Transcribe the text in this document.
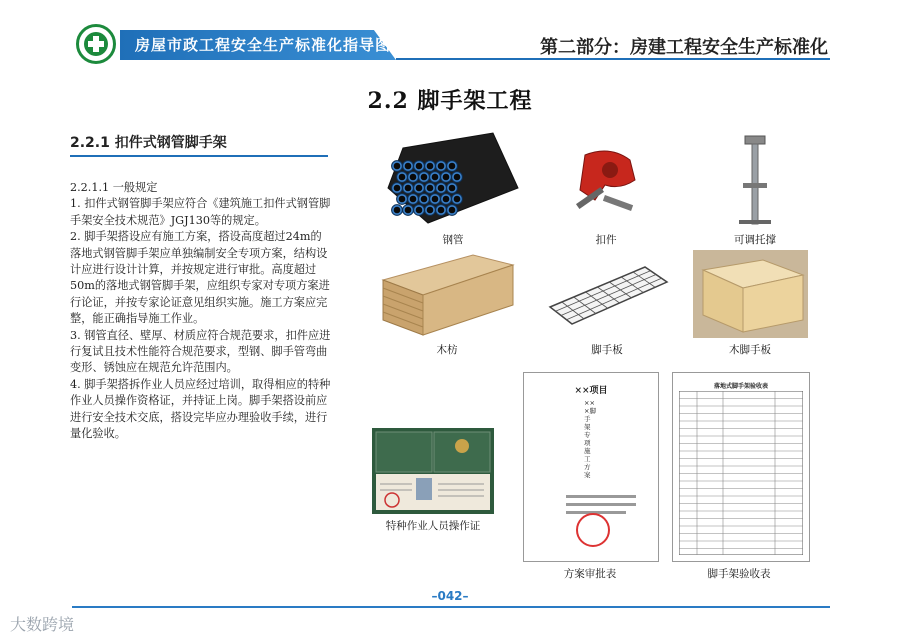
房屋市政工程安全生产标准化指导图册	第二部分：房建工程安全生产标准化
2.2 脚手架工程
2.2.1 扣件式钢管脚手架

2.2.1.1 一般规定

1. 扣件式钢管脚手架应符合《建筑施工扣件式钢管脚手架安全技术规范》JGJ130等的规定。

2. 脚手架搭设应有施工方案，搭设高度超过24m的落地式钢管脚手架应单独编制安全专项方案，结构设计应进行设计计算，并按规定进行审批。高度超过50m的落地式钢管脚手架，应组织专家对专项方案进行论证，并按专家论证意见组织实施。施工方案应完整，能正确指导施工作业。

3. 钢管直径、壁厚、材质应符合规范要求，扣件应进行复试且技术性能符合规范要求，型钢、脚手管弯曲变形、锈蚀应在规范允许范围内。

4. 脚手架搭拆作业人员应经过培训，取得相应的特种作业人员操作资格证，并持证上岗。脚手架搭设前应进行安全技术交底，搭设完毕应办理验收手续，进行量化验收。

钢管	扣件	可调托撑
木枋	脚手板	木脚手板
特种作业人员操作证
××项目
×××脚手架专项施工方案
方案审批表
落地式脚手架验收表
脚手架验收表
–042–
大数跨境
